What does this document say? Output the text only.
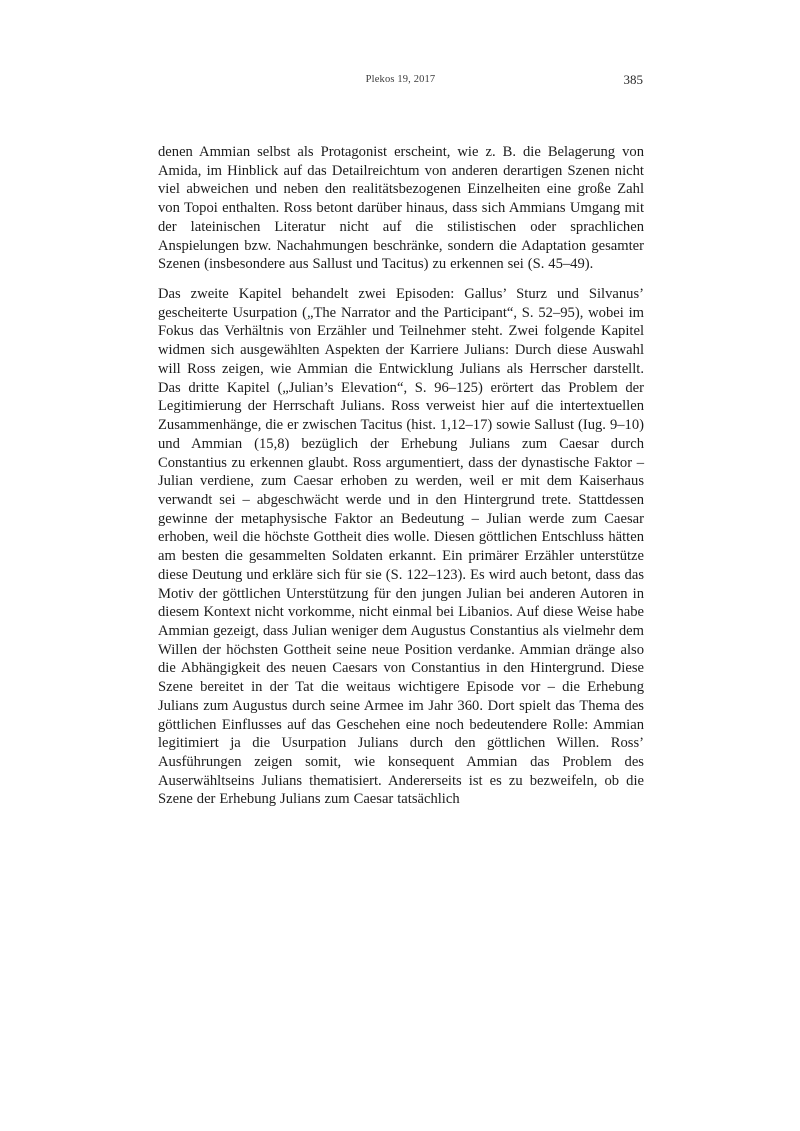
Plekos 19, 2017	385

denen Ammian selbst als Protagonist erscheint, wie z. B. die Belagerung von Amida, im Hinblick auf das Detailreichtum von anderen derartigen Szenen nicht viel abweichen und neben den realitätsbezogenen Einzelheiten eine große Zahl von Topoi enthalten. Ross betont darüber hinaus, dass sich Ammians Umgang mit der lateinischen Literatur nicht auf die stilistischen oder sprachlichen Anspielungen bzw. Nachahmungen beschränke, sondern die Adaptation gesamter Szenen (insbesondere aus Sallust und Tacitus) zu erkennen sei (S. 45–49).

Das zweite Kapitel behandelt zwei Episoden: Gallus’ Sturz und Silvanus’ gescheiterte Usurpation („The Narrator and the Participant“, S. 52–95), wobei im Fokus das Verhältnis von Erzähler und Teilnehmer steht. Zwei folgende Kapitel widmen sich ausgewählten Aspekten der Karriere Julians: Durch diese Auswahl will Ross zeigen, wie Ammian die Entwicklung Julians als Herrscher darstellt. Das dritte Kapitel („Julian’s Elevation“, S. 96–125) erörtert das Problem der Legitimierung der Herrschaft Julians. Ross verweist hier auf die intertextuellen Zusammenhänge, die er zwischen Tacitus (hist. 1,12–17) sowie Sallust (Iug. 9–10) und Ammian (15,8) bezüglich der Erhebung Julians zum Caesar durch Constantius zu erkennen glaubt. Ross argumentiert, dass der dynastische Faktor – Julian verdiene, zum Caesar erhoben zu werden, weil er mit dem Kaiserhaus verwandt sei – abgeschwächt werde und in den Hintergrund trete. Stattdessen gewinne der metaphysische Faktor an Bedeutung – Julian werde zum Caesar erhoben, weil die höchste Gottheit dies wolle. Diesen göttlichen Entschluss hätten am besten die gesammelten Soldaten erkannt. Ein primärer Erzähler unterstütze diese Deutung und erkläre sich für sie (S. 122–123). Es wird auch betont, dass das Motiv der göttlichen Unterstützung für den jungen Julian bei anderen Autoren in diesem Kontext nicht vorkomme, nicht einmal bei Libanios. Auf diese Weise habe Ammian gezeigt, dass Julian weniger dem Augustus Constantius als vielmehr dem Willen der höchsten Gottheit seine neue Position verdanke. Ammian dränge also die Abhängigkeit des neuen Caesars von Constantius in den Hintergrund. Diese Szene bereitet in der Tat die weitaus wichtigere Episode vor – die Erhebung Julians zum Augustus durch seine Armee im Jahr 360. Dort spielt das Thema des göttlichen Einflusses auf das Geschehen eine noch bedeutendere Rolle: Ammian legitimiert ja die Usurpation Julians durch den göttlichen Willen. Ross’ Ausführungen zeigen somit, wie konsequent Ammian das Problem des Auserwähltseins Julians thematisiert. Andererseits ist es zu bezweifeln, ob die Szene der Erhebung Julians zum Caesar tatsächlich
